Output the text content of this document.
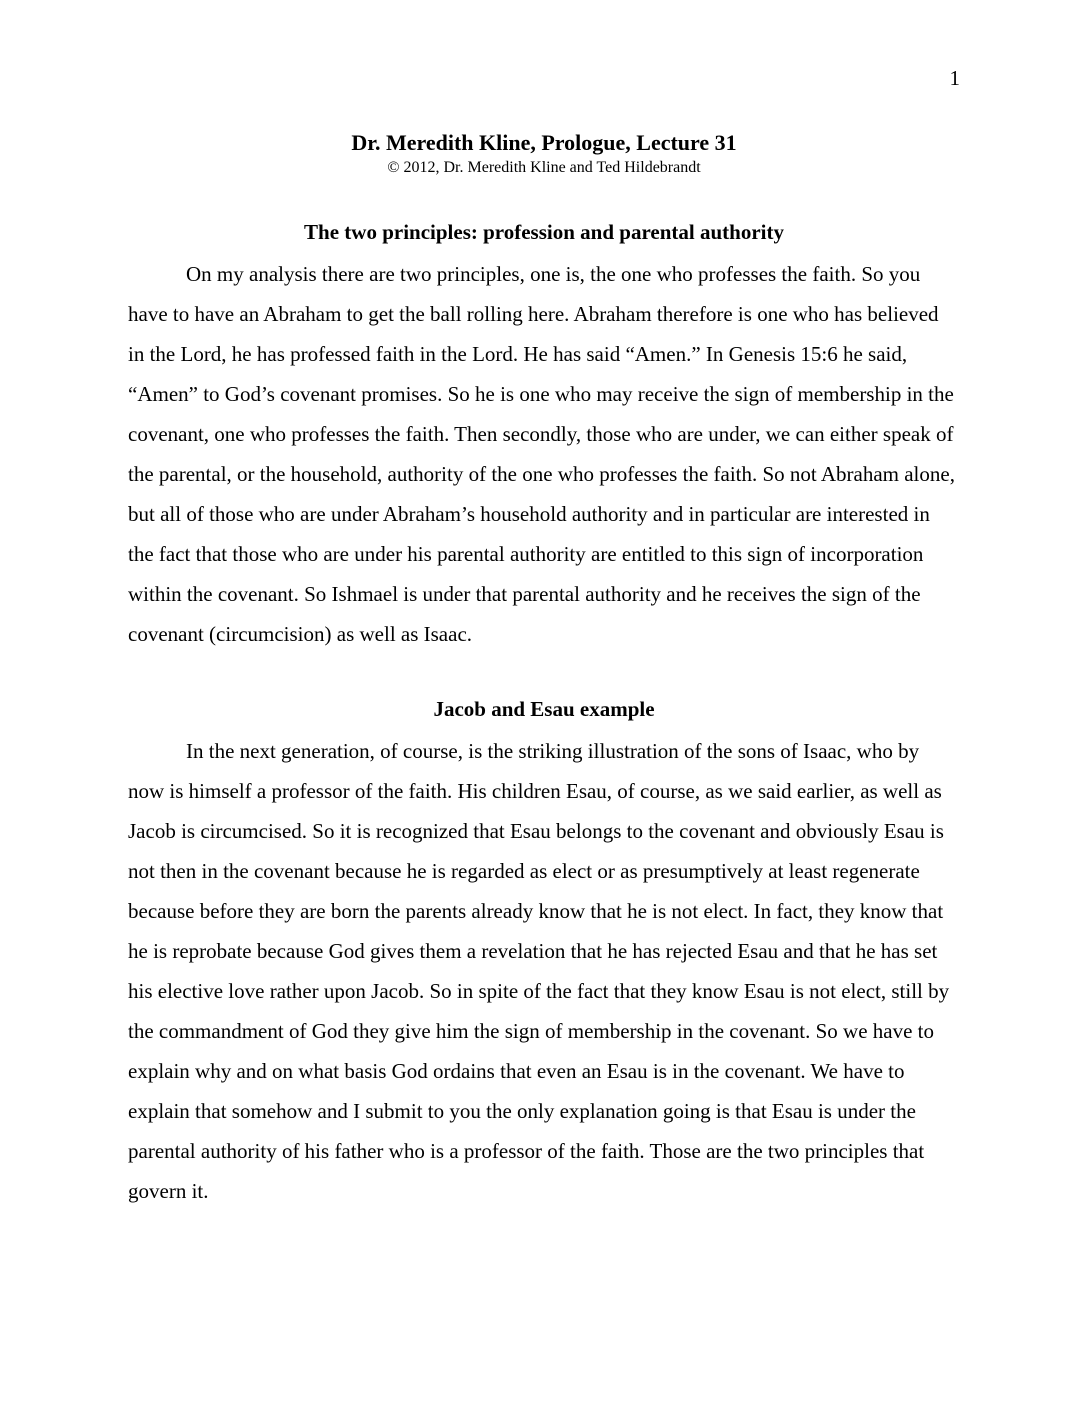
1
Dr. Meredith Kline, Prologue, Lecture 31
© 2012, Dr. Meredith Kline and Ted Hildebrandt
The two principles: profession and parental authority

On my analysis there are two principles, one is, the one who professes the faith. So you have to have an Abraham to get the ball rolling here. Abraham therefore is one who has believed in the Lord, he has professed faith in the Lord. He has said “Amen.” In Genesis 15:6 he said, “Amen” to God’s covenant promises. So he is one who may receive the sign of membership in the covenant, one who professes the faith. Then secondly, those who are under, we can either speak of the parental, or the household, authority of the one who professes the faith. So not Abraham alone, but all of those who are under Abraham’s household authority and in particular are interested in the fact that those who are under his parental authority are entitled to this sign of incorporation within the covenant. So Ishmael is under that parental authority and he receives the sign of the covenant (circumcision) as well as Isaac.

Jacob and Esau example

In the next generation, of course, is the striking illustration of the sons of Isaac, who by now is himself a professor of the faith. His children Esau, of course, as we said earlier, as well as Jacob is circumcised. So it is recognized that Esau belongs to the covenant and obviously Esau is not then in the covenant because he is regarded as elect or as presumptively at least regenerate because before they are born the parents already know that he is not elect. In fact, they know that he is reprobate because God gives them a revelation that he has rejected Esau and that he has set his elective love rather upon Jacob. So in spite of the fact that they know Esau is not elect, still by the commandment of God they give him the sign of membership in the covenant. So we have to explain why and on what basis God ordains that even an Esau is in the covenant. We have to explain that somehow and I submit to you the only explanation going is that Esau is under the parental authority of his father who is a professor of the faith. Those are the two principles that govern it.
